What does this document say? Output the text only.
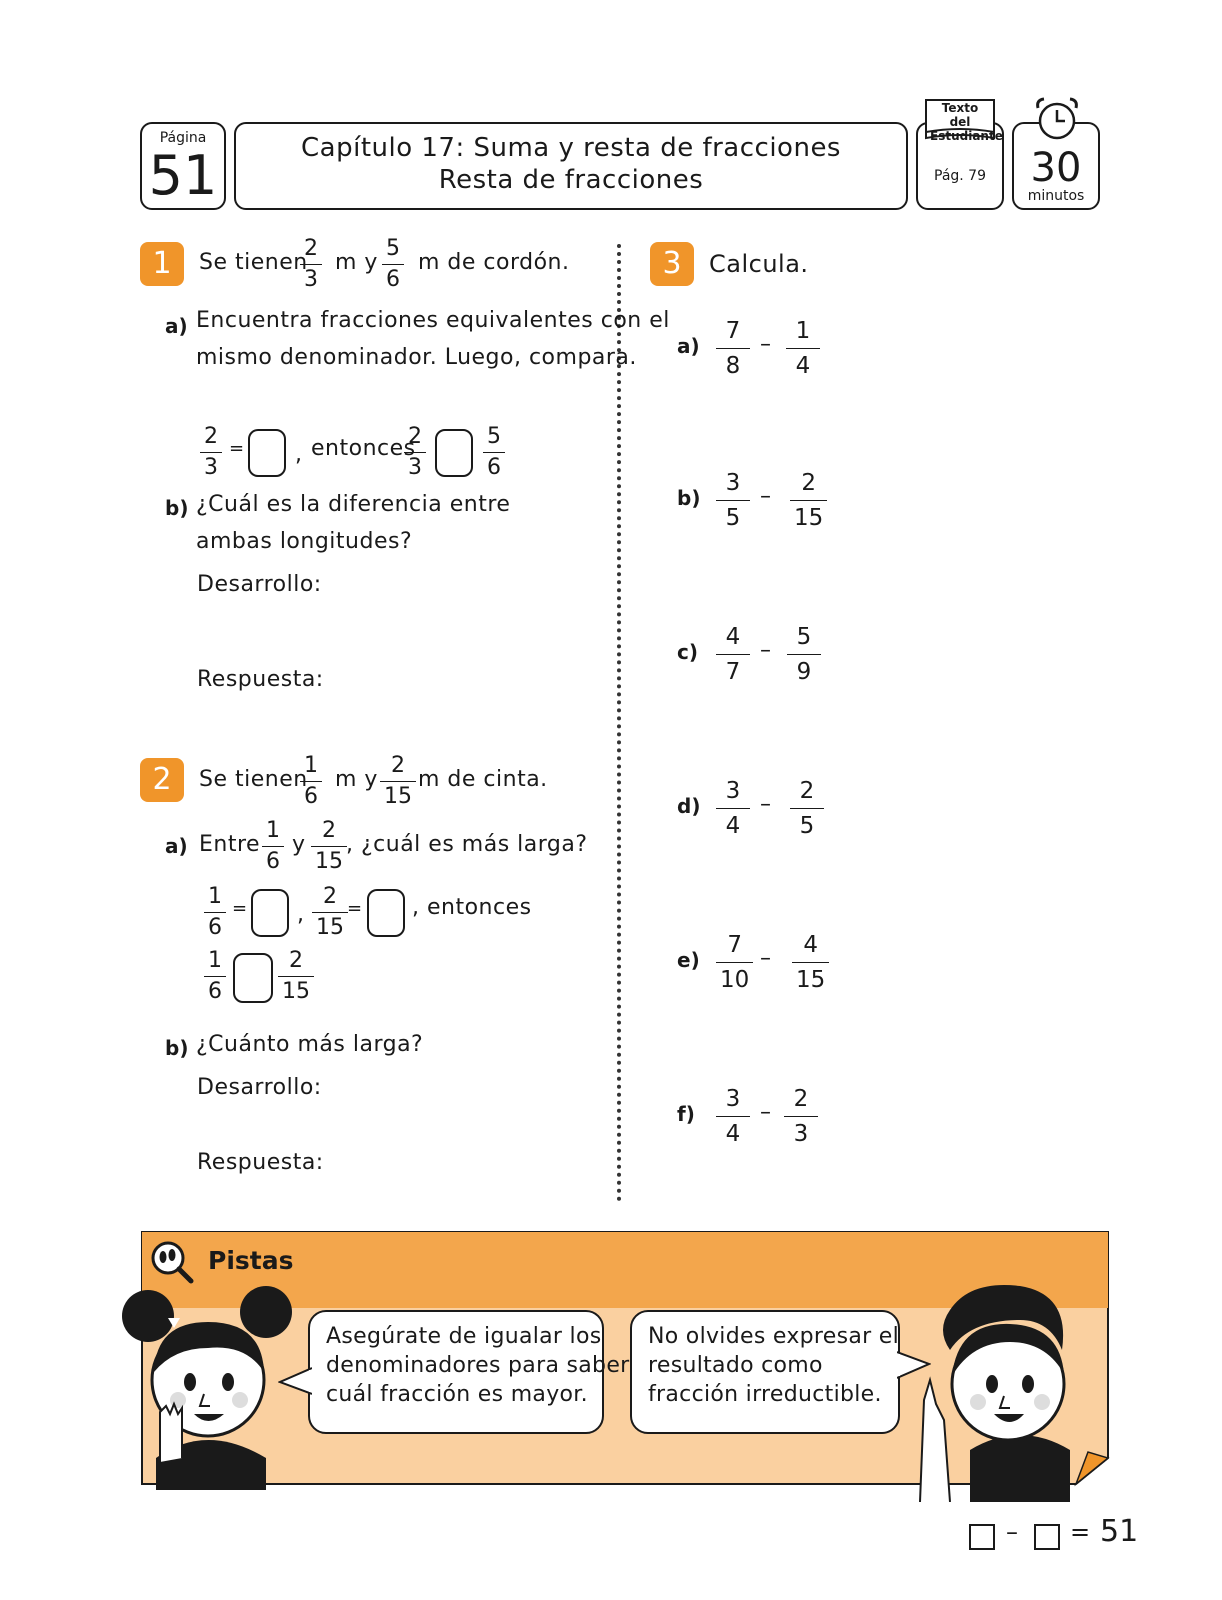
Página
51	Capítulo 17: Suma y resta de fracciones
Resta de fracciones	Pág. 79
Texto del Estudiante
30
minutos
1	Se tienen
2
3
m y
5
6
m de cordón.
a) Encuentra fracciones equivalentes con el
mismo denominador. Luego, compara.
2
3
= , entonces
2
3
5
6
b) ¿Cuál es la diferencia entre
ambas longitudes?
Desarrollo:
Respuesta:
2	Se tienen
1
6
m y
2
15
m de cinta.
a) Entre
1
6
y
2
15
, ¿cuál es más larga?
1
6
= ,
2
15
= , entonces
1
6
2
15
b) ¿Cuánto más larga?
Desarrollo:
Respuesta:
3	Calcula.
a)
7
8
–
1
4
b)
3
5
–
2
15
c)
4
7
–
5
9
d)
3
4
–
2
5
e)
7
10
–
4
15
f)
3
4
–
2
3
Pistas
Asegúrate de igualar los
denominadores para saber
cuál fracción es mayor.
No olvides expresar el
resultado como
fracción irreductible.
– = 51
